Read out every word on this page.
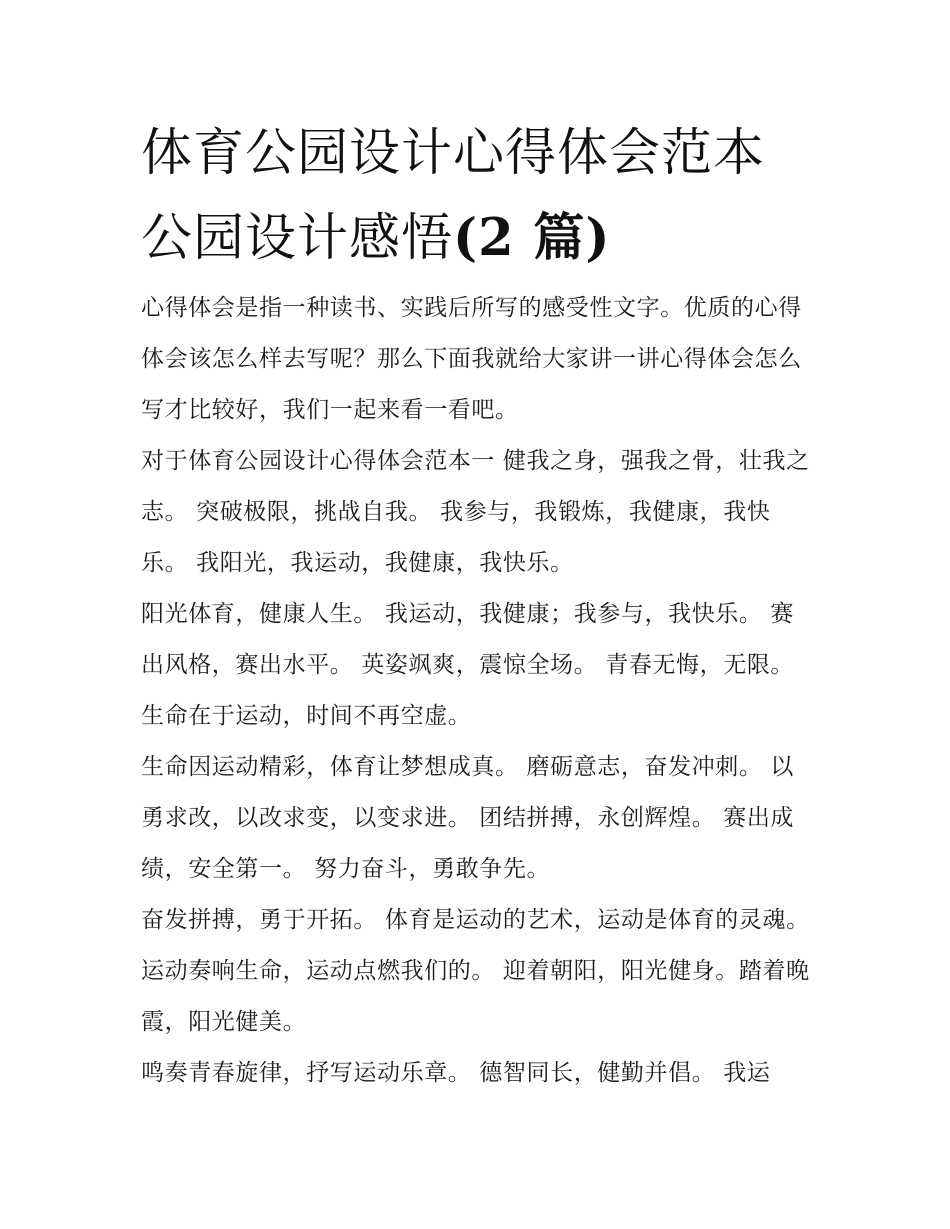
体育公园设计心得体会范本 公园设计感悟(2 篇)

心得体会是指一种读书、实践后所写的感受性文字。优质的心得体会该怎么样去写呢？那么下面我就给大家讲一讲心得体会怎么写才比较好，我们一起来看一看吧。

对于体育公园设计心得体会范本一 健我之身，强我之骨，壮我之志。 突破极限，挑战自我。 我参与，我锻炼，我健康，我快乐。 我阳光，我运动，我健康，我快乐。

阳光体育，健康人生。 我运动，我健康；我参与，我快乐。 赛出风格，赛出水平。 英姿飒爽，震惊全场。 青春无悔，无限。 生命在于运动，时间不再空虚。

生命因运动精彩，体育让梦想成真。 磨砺意志，奋发冲刺。 以勇求改，以改求变，以变求进。 团结拼搏，永创辉煌。 赛出成绩，安全第一。 努力奋斗，勇敢争先。

奋发拼搏，勇于开拓。 体育是运动的艺术，运动是体育的灵魂。 运动奏响生命，运动点燃我们的。 迎着朝阳，阳光健身。踏着晚霞，阳光健美。

鸣奏青春旋律，抒写运动乐章。 德智同长，健勤并倡。 我运
